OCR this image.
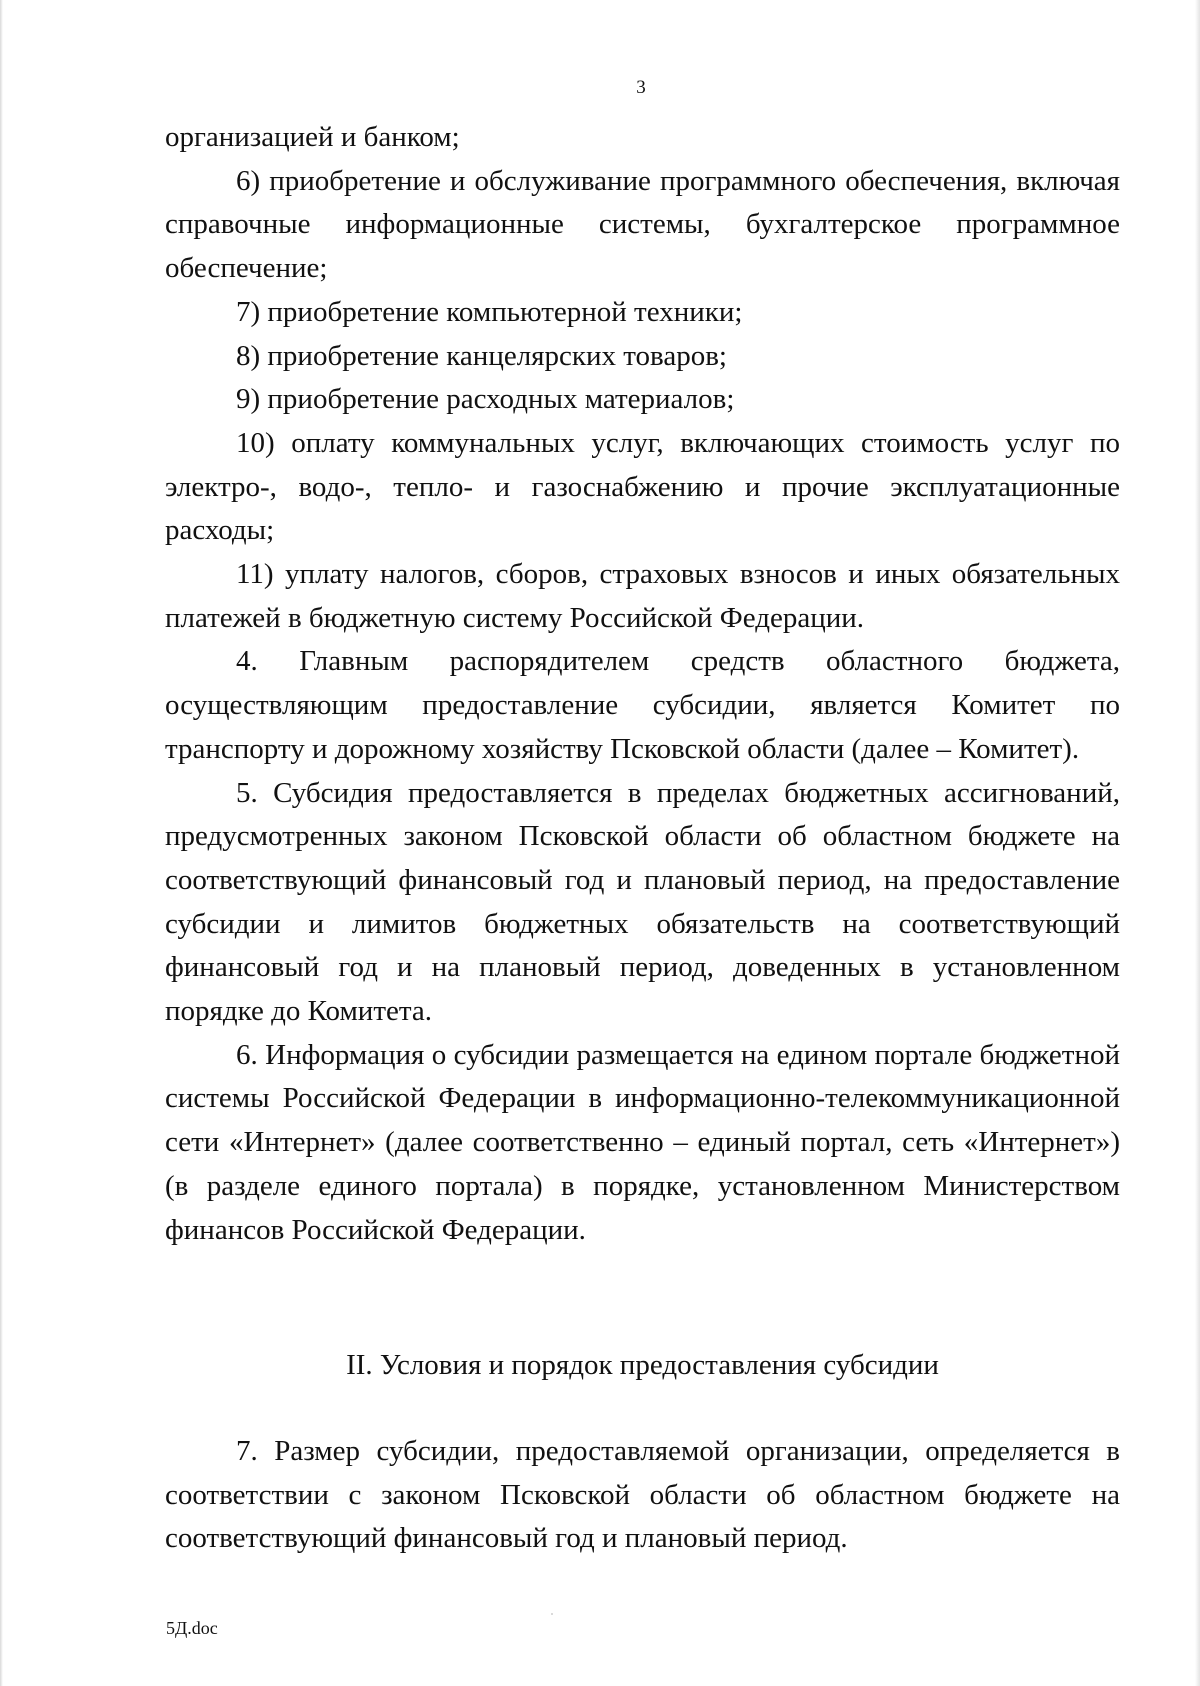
3

организацией и банком;

6) приобретение и обслуживание программного обеспечения, включая справочные информационные системы, бухгалтерское программное обеспечение;

7) приобретение компьютерной техники;

8) приобретение канцелярских товаров;

9) приобретение расходных материалов;

10) оплату коммунальных услуг, включающих стоимость услуг по электро-, водо-, тепло- и газоснабжению и прочие эксплуатационные расходы;

11) уплату налогов, сборов, страховых взносов и иных обязательных платежей в бюджетную систему Российской Федерации.

4. Главным распорядителем средств областного бюджета, осуществляющим предоставление субсидии, является Комитет по транспорту и дорожному хозяйству Псковской области (далее – Комитет).

5. Субсидия предоставляется в пределах бюджетных ассигнований, предусмотренных законом Псковской области об областном бюджете на соответствующий финансовый год и плановый период, на предоставление субсидии и лимитов бюджетных обязательств на соответствующий финансовый год и на плановый период, доведенных в установленном порядке до Комитета.

6. Информация о субсидии размещается на едином портале бюджетной системы Российской Федерации в информационно-телекоммуникационной сети «Интернет» (далее соответственно – единый портал, сеть «Интернет») (в разделе единого портала) в порядке, установленном Министерством финансов Российской Федерации.

II. Условия и порядок предоставления субсидии

7. Размер субсидии, предоставляемой организации, определяется в соответствии с законом Псковской области об областном бюджете на соответствующий финансовый год и плановый период.

5Д.doc
